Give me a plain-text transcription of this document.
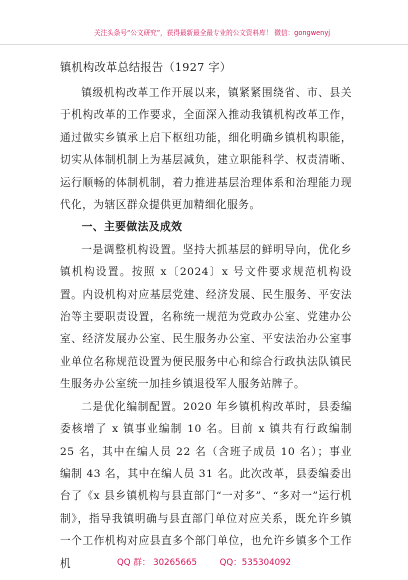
关注头条号“公文研究”，获得最新最全最专业的公文资料库！ 微信：gongwenyj
镇机构改革总结报告（1927 字）

镇级机构改革工作开展以来，镇紧紧围绕省、市、县关于机构改革的工作要求，全面深入推动我镇机构改革工作，通过做实乡镇承上启下枢纽功能，细化明确乡镇机构职能，切实从体制机制上为基层减负，建立职能科学、权责清晰、运行顺畅的体制机制，着力推进基层治理体系和治理能力现代化，为辖区群众提供更加精细化服务。

一、主要做法及成效

一是调整机构设置。坚持大抓基层的鲜明导向，优化乡镇机构设置。按照 x〔2024〕x 号文件要求规范机构设置。内设机构对应基层党建、经济发展、民生服务、平安法治等主要职责设置，名称统一规范为党政办公室、党建办公室、经济发展办公室、民生服务办公室、平安法治办公室事业单位名称规范设置为便民服务中心和综合行政执法队镇民生服务办公室统一加挂乡镇退役军人服务站牌子。

二是优化编制配置。2020 年乡镇机构改革时，县委编委核增了 x 镇事业编制 10 名。目前 x 镇共有行政编制 25 名，其中在编人员 22 名（含班子成员 10 名）；事业编制 43 名，其中在编人员 31 名。此次改革，县委编委出台了《x 县乡镇机构与县直部门“一对多”、“多对一”运行机制》，指导我镇明确与县直部门单位对应关系，既允许乡镇一个工作机构对应县直多个部门单位，也允许乡镇多个工作机	QQ 群： 30265665	QQ：535304092
